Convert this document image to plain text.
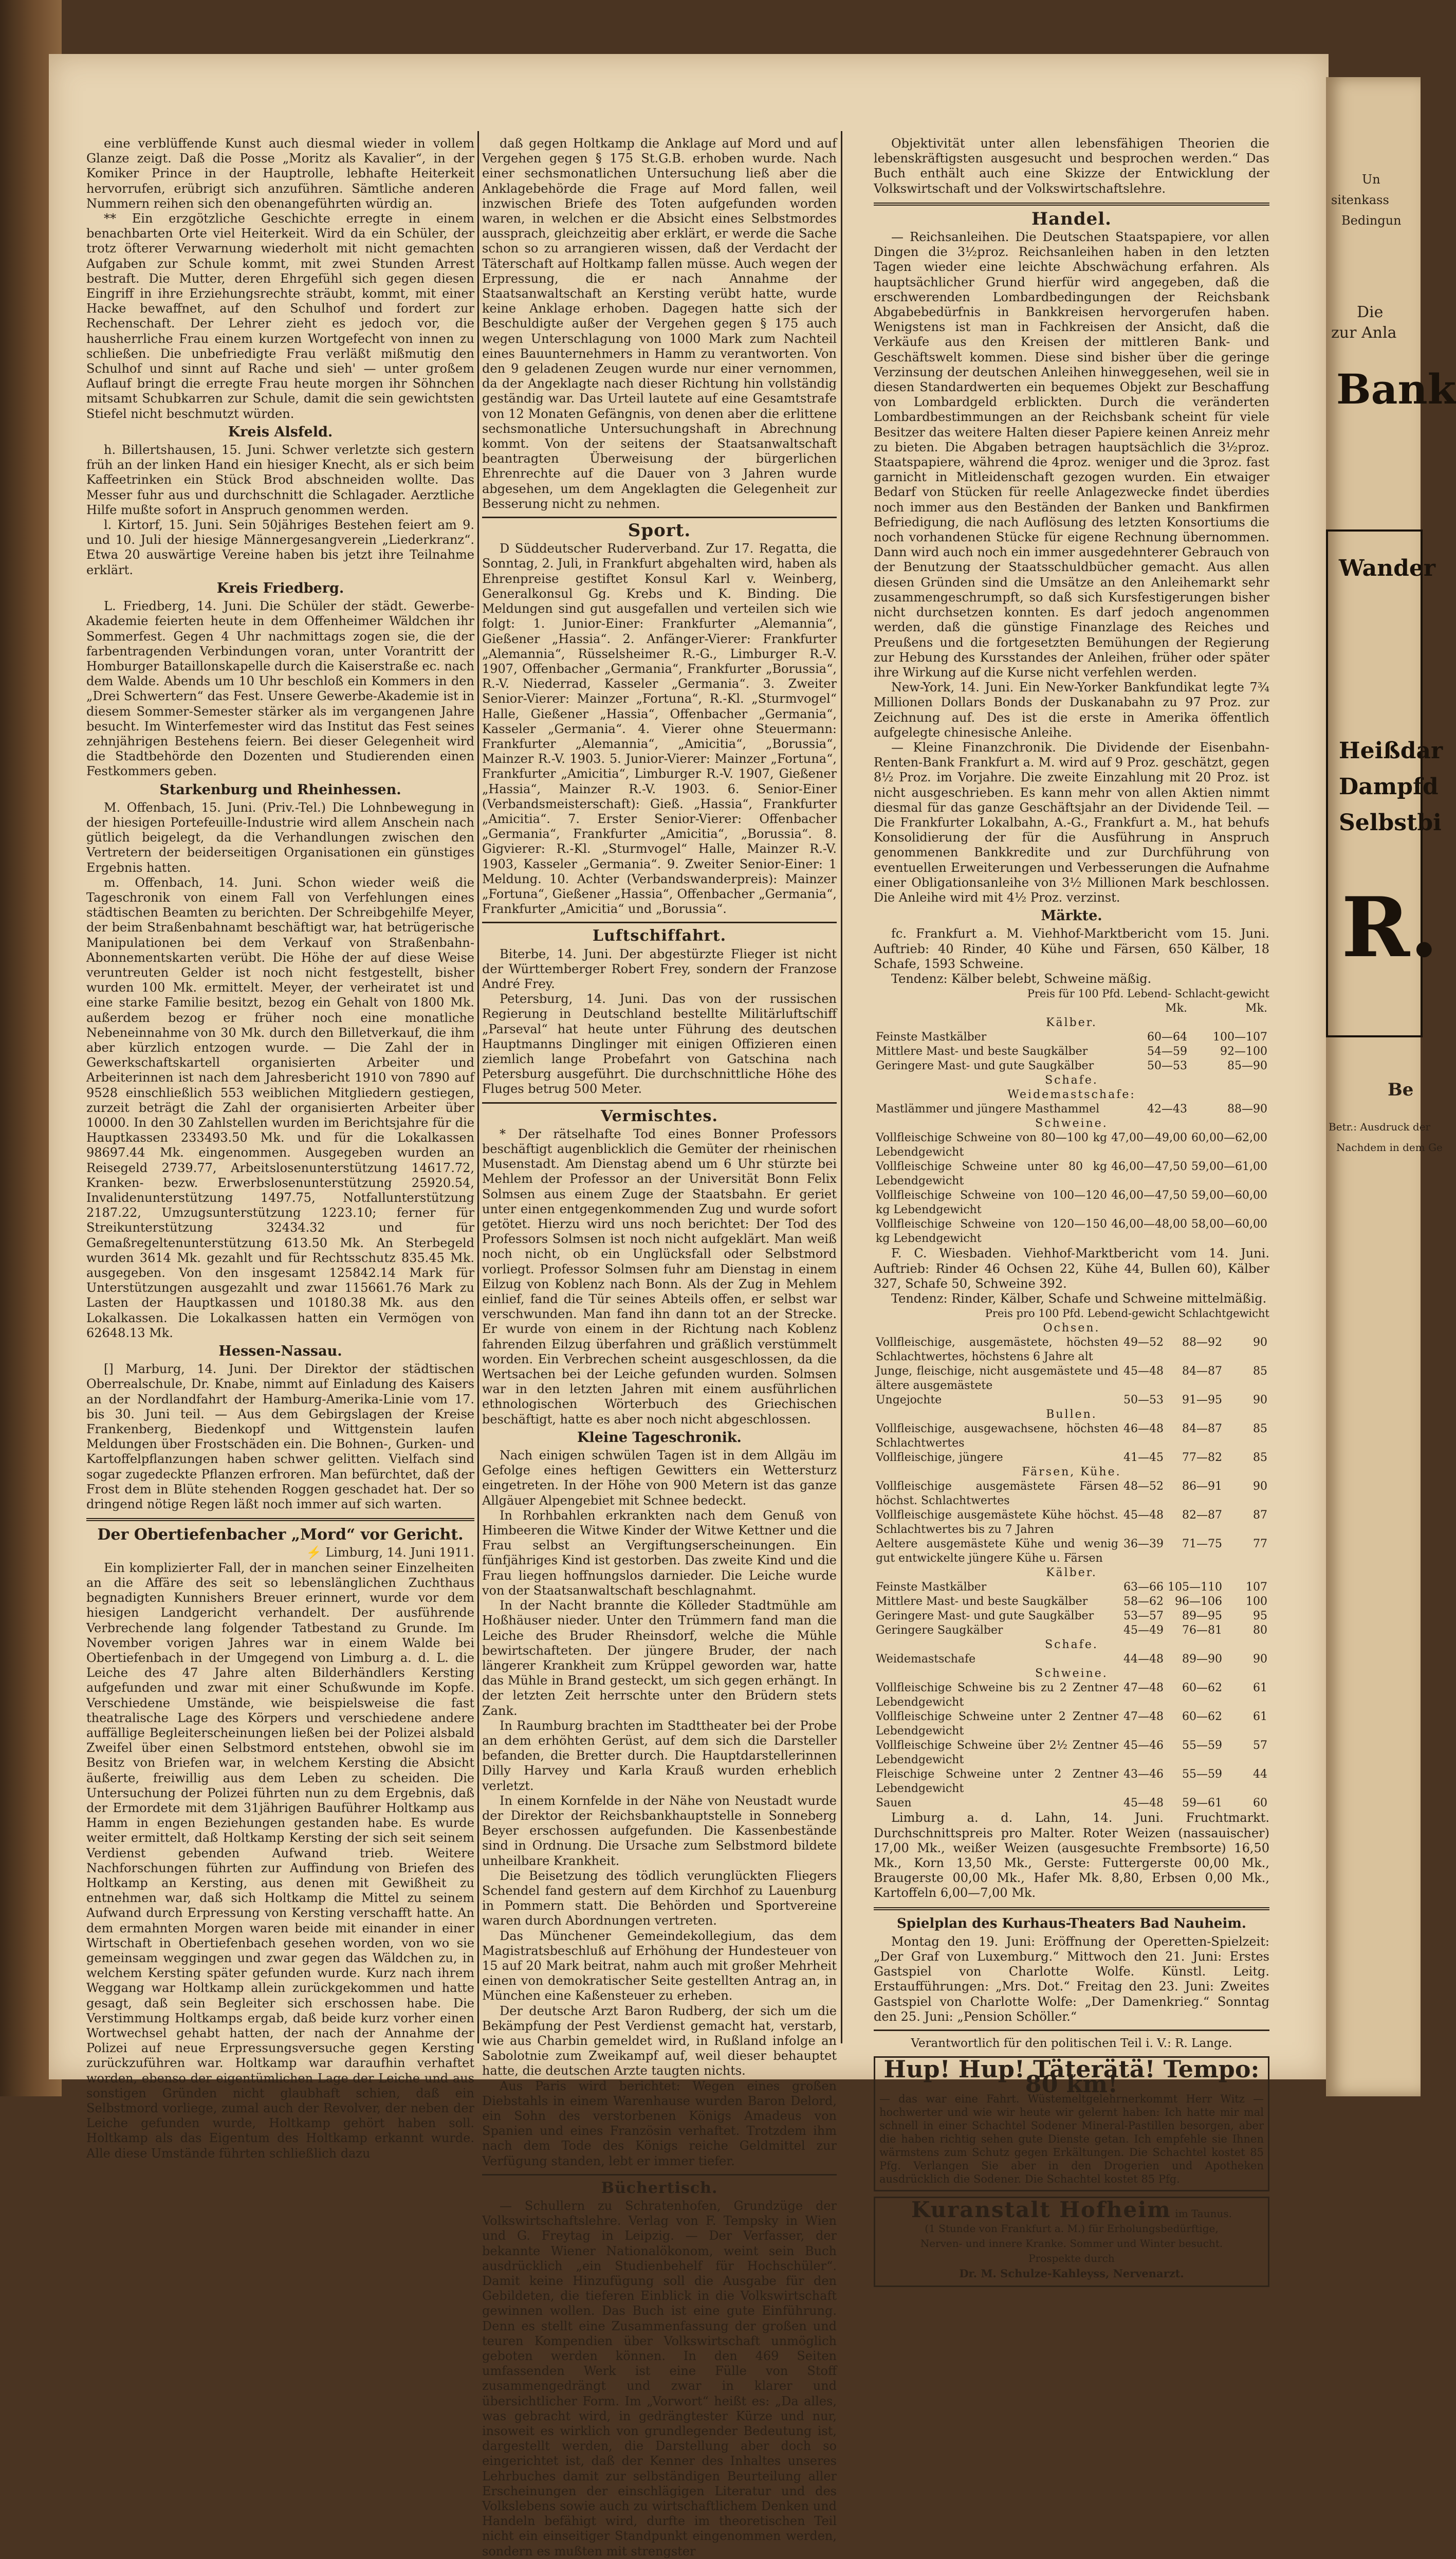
eine verblüffende Kunst auch diesmal wieder in vollem Glanze zeigt. Daß die Posse „Moritz als Kavalier“, in der Komiker Prince in der Hauptrolle, lebhafte Heiterkeit hervorrufen, erübrigt sich anzuführen. Sämtliche anderen Nummern reihen sich den obenangeführten würdig an.

** Ein erzgötzliche Geschichte erregte in einem benachbarten Orte viel Heiterkeit. Wird da ein Schüler, der trotz öfterer Verwarnung wiederholt mit nicht gemachten Aufgaben zur Schule kommt, mit zwei Stunden Arrest bestraft. Die Mutter, deren Ehrgefühl sich gegen diesen Eingriff in ihre Erziehungsrechte sträubt, kommt, mit einer Hacke bewaffnet, auf den Schulhof und fordert zur Rechenschaft. Der Lehrer zieht es jedoch vor, die hausherrliche Frau einem kurzen Wortgefecht von innen zu schließen. Die unbefriedigte Frau verläßt mißmutig den Schulhof und sinnt auf Rache und sieh' — unter großem Auflauf bringt die erregte Frau heute morgen ihr Söhnchen mitsamt Schubkarren zur Schule, damit die sein gewichtsten Stiefel nicht beschmutzt würden.

Kreis Alsfeld.

h. Billertshausen, 15. Juni. Schwer verletzte sich gestern früh an der linken Hand ein hiesiger Knecht, als er sich beim Kaffeetrinken ein Stück Brod abschneiden wollte. Das Messer fuhr aus und durchschnitt die Schlagader. Aerztliche Hilfe mußte sofort in Anspruch genommen werden.

l. Kirtorf, 15. Juni. Sein 50jähriges Bestehen feiert am 9. und 10. Juli der hiesige Männergesangverein „Liederkranz“. Etwa 20 auswärtige Vereine haben bis jetzt ihre Teilnahme erklärt.

Kreis Friedberg.

L. Friedberg, 14. Juni. Die Schüler der städt. Gewerbe-Akademie feierten heute in dem Offenheimer Wäldchen ihr Sommerfest. Gegen 4 Uhr nachmittags zogen sie, die der farbentragenden Verbindungen voran, unter Vorantritt der Homburger Bataillonskapelle durch die Kaiserstraße ec. nach dem Walde. Abends um 10 Uhr beschloß ein Kommers in den „Drei Schwertern“ das Fest. Unsere Gewerbe-Akademie ist in diesem Sommer-Semester stärker als im vergangenen Jahre besucht. Im Winterfemester wird das Institut das Fest seines zehnjährigen Bestehens feiern. Bei dieser Gelegenheit wird die Stadtbehörde den Dozenten und Studierenden einen Festkommers geben.

Starkenburg und Rheinhessen.

M. Offenbach, 15. Juni. (Priv.-Tel.) Die Lohnbewegung in der hiesigen Portefeuille-Industrie wird allem Anschein nach gütlich beigelegt, da die Verhandlungen zwischen den Vertretern der beiderseitigen Organisationen ein günstiges Ergebnis hatten.

m. Offenbach, 14. Juni. Schon wieder weiß die Tageschronik von einem Fall von Verfehlungen eines städtischen Beamten zu berichten. Der Schreibgehilfe Meyer, der beim Straßenbahnamt beschäftigt war, hat betrügerische Manipulationen bei dem Verkauf von Straßenbahn-Abonnementskarten verübt. Die Höhe der auf diese Weise veruntreuten Gelder ist noch nicht festgestellt, bisher wurden 100 Mk. ermittelt. Meyer, der verheiratet ist und eine starke Familie besitzt, bezog ein Gehalt von 1800 Mk. außerdem bezog er früher noch eine monatliche Nebeneinnahme von 30 Mk. durch den Billetverkauf, die ihm aber kürzlich entzogen wurde. — Die Zahl der in Gewerkschaftskartell organisierten Arbeiter und Arbeiterinnen ist nach dem Jahresbericht 1910 von 7890 auf 9528 einschließlich 553 weiblichen Mitgliedern gestiegen, zurzeit beträgt die Zahl der organisierten Arbeiter über 10000. In den 30 Zahlstellen wurden im Berichtsjahre für die Hauptkassen 233493.50 Mk. und für die Lokalkassen 98697.44 Mk. eingenommen. Ausgegeben wurden an Reisegeld 2739.77, Arbeitslosenunterstützung 14617.72, Kranken- bezw. Erwerbslosenunterstützung 25920.54, Invalidenunterstützung 1497.75, Notfallunterstützung 2187.22, Umzugsunterstützung 1223.10; ferner für Streikunterstützung 32434.32 und für Gemaßregeltenunterstützung 613.50 Mk. An Sterbegeld wurden 3614 Mk. gezahlt und für Rechtsschutz 835.45 Mk. ausgegeben. Von den insgesamt 125842.14 Mark für Unterstützungen ausgezahlt und zwar 115661.76 Mark zu Lasten der Hauptkassen und 10180.38 Mk. aus den Lokalkassen. Die Lokalkassen hatten ein Vermögen von 62648.13 Mk.

Hessen-Nassau.

[] Marburg, 14. Juni. Der Direktor der städtischen Oberrealschule, Dr. Knabe, nimmt auf Einladung des Kaisers an der Nordlandfahrt der Hamburg-Amerika-Linie vom 17. bis 30. Juni teil. — Aus dem Gebirgslagen der Kreise Frankenberg, Biedenkopf und Wittgenstein laufen Meldungen über Frostschäden ein. Die Bohnen-, Gurken- und Kartoffelpflanzungen haben schwer gelitten. Vielfach sind sogar zugedeckte Pflanzen erfroren. Man befürchtet, daß der Frost dem in Blüte stehenden Roggen geschadet hat. Der so dringend nötige Regen läßt noch immer auf sich warten.

Der Obertiefenbacher „Mord“ vor Gericht.
⚡ Limburg, 14. Juni 1911.

Ein komplizierter Fall, der in manchen seiner Einzelheiten an die Affäre des seit so lebenslänglichen Zuchthaus begnadigten Kunnishers Breuer erinnert, wurde vor dem hiesigen Landgericht verhandelt. Der ausführende Verbrechende lang folgender Tatbestand zu Grunde. Im November vorigen Jahres war in einem Walde bei Obertiefenbach in der Umgegend von Limburg a. d. L. die Leiche des 47 Jahre alten Bilderhändlers Kersting aufgefunden und zwar mit einer Schußwunde im Kopfe. Verschiedene Umstände, wie beispielsweise die fast theatralische Lage des Körpers und verschiedene andere auffällige Begleiterscheinungen ließen bei der Polizei alsbald Zweifel über einen Selbstmord entstehen, obwohl sie im Besitz von Briefen war, in welchem Kersting die Absicht äußerte, freiwillig aus dem Leben zu scheiden. Die Untersuchung der Polizei führten nun zu dem Ergebnis, daß der Ermordete mit dem 31jährigen Bauführer Holtkamp aus Hamm in engen Beziehungen gestanden habe. Es wurde weiter ermittelt, daß Holtkamp Kersting der sich seit seinem Verdienst gebenden Aufwand trieb. Weitere Nachforschungen führten zur Auffindung von Briefen des Holtkamp an Kersting, aus denen mit Gewißheit zu entnehmen war, daß sich Holtkamp die Mittel zu seinem Aufwand durch Erpressung von Kersting verschafft hatte. An dem ermahnten Morgen waren beide mit einander in einer Wirtschaft in Obertiefenbach gesehen worden, von wo sie gemeinsam weggingen und zwar gegen das Wäldchen zu, in welchem Kersting später gefunden wurde. Kurz nach ihrem Weggang war Holtkamp allein zurückgekommen und hatte gesagt, daß sein Begleiter sich erschossen habe. Die Verstimmung Holtkamps ergab, daß beide kurz vorher einen Wortwechsel gehabt hatten, der nach der Annahme der Polizei auf neue Erpressungsversuche gegen Kersting zurückzuführen war. Holtkamp war daraufhin verhaftet worden, ebenso der eigentümlichen Lage der Leiche und aus sonstigen Gründen nicht glaubhaft schien, daß ein Selbstmord vorliege, zumal auch der Revolver, der neben der Leiche gefunden wurde, Holtkamp gehört haben soll. Holtkamp als das Eigentum des Holtkamp erkannt wurde. Alle diese Umstände führten schließlich dazu

daß gegen Holtkamp die Anklage auf Mord und auf Vergehen gegen § 175 St.G.B. erhoben wurde. Nach einer sechsmonatlichen Untersuchung ließ aber die Anklagebehörde die Frage auf Mord fallen, weil inzwischen Briefe des Toten aufgefunden worden waren, in welchen er die Absicht eines Selbstmordes aussprach, gleichzeitig aber erklärt, er werde die Sache schon so zu arrangieren wissen, daß der Verdacht der Täterschaft auf Holtkamp fallen müsse. Auch wegen der Erpressung, die er nach Annahme der Staatsanwaltschaft an Kersting verübt hatte, wurde keine Anklage erhoben. Dagegen hatte sich der Beschuldigte außer der Vergehen gegen § 175 auch wegen Unterschlagung von 1000 Mark zum Nachteil eines Bauunternehmers in Hamm zu verantworten. Von den 9 geladenen Zeugen wurde nur einer vernommen, da der Angeklagte nach dieser Richtung hin vollständig geständig war. Das Urteil lautete auf eine Gesamtstrafe von 12 Monaten Gefängnis, von denen aber die erlittene sechsmonatliche Untersuchungshaft in Abrechnung kommt. Von der seitens der Staatsanwaltschaft beantragten Überweisung der bürgerlichen Ehrenrechte auf die Dauer von 3 Jahren wurde abgesehen, um dem Angeklagten die Gelegenheit zur Besserung nicht zu nehmen.

Sport.

D Süddeutscher Ruderverband. Zur 17. Regatta, die Sonntag, 2. Juli, in Frankfurt abgehalten wird, haben als Ehrenpreise gestiftet Konsul Karl v. Weinberg, Generalkonsul Gg. Krebs und K. Binding. Die Meldungen sind gut ausgefallen und verteilen sich wie folgt: 1. Junior-Einer: Frankfurter „Alemannia“, Gießener „Hassia“. 2. Anfänger-Vierer: Frankfurter „Alemannia“, Rüsselsheimer R.-G., Limburger R.-V. 1907, Offenbacher „Germania“, Frankfurter „Borussia“, R.-V. Niederrad, Kasseler „Germania“. 3. Zweiter Senior-Vierer: Mainzer „Fortuna“, R.-Kl. „Sturmvogel“ Halle, Gießener „Hassia“, Offenbacher „Germania“, Kasseler „Germania“. 4. Vierer ohne Steuermann: Frankfurter „Alemannia“, „Amicitia“, „Borussia“, Mainzer R.-V. 1903. 5. Junior-Vierer: Mainzer „Fortuna“, Frankfurter „Amicitia“, Limburger R.-V. 1907, Gießener „Hassia“, Mainzer R.-V. 1903. 6. Senior-Einer (Verbandsmeisterschaft): Gieß. „Hassia“, Frankfurter „Amicitia“. 7. Erster Senior-Vierer: Offenbacher „Germania“, Frankfurter „Amicitia“, „Borussia“. 8. Gigvierer: R.-Kl. „Sturmvogel“ Halle, Mainzer R.-V. 1903, Kasseler „Germania“. 9. Zweiter Senior-Einer: 1 Meldung. 10. Achter (Verbandswanderpreis): Mainzer „Fortuna“, Gießener „Hassia“, Offenbacher „Germania“, Frankfurter „Amicitia“ und „Borussia“.

Luftschiffahrt.

Biterbe, 14. Juni. Der abgestürzte Flieger ist nicht der Württemberger Robert Frey, sondern der Franzose André Frey.

Petersburg, 14. Juni. Das von der russischen Regierung in Deutschland bestellte Militärluftschiff „Parseval“ hat heute unter Führung des deutschen Hauptmanns Dinglinger mit einigen Offizieren einen ziemlich lange Probefahrt von Gatschina nach Petersburg ausgeführt. Die durchschnittliche Höhe des Fluges betrug 500 Meter.

Vermischtes.

* Der rätselhafte Tod eines Bonner Professors beschäftigt augenblicklich die Gemüter der rheinischen Musenstadt. Am Dienstag abend um 6 Uhr stürzte bei Mehlem der Professor an der Universität Bonn Felix Solmsen aus einem Zuge der Staatsbahn. Er geriet unter einen entgegenkommenden Zug und wurde sofort getötet. Hierzu wird uns noch berichtet: Der Tod des Professors Solmsen ist noch nicht aufgeklärt. Man weiß noch nicht, ob ein Unglücksfall oder Selbstmord vorliegt. Professor Solmsen fuhr am Dienstag in einem Eilzug von Koblenz nach Bonn. Als der Zug in Mehlem einlief, fand die Tür seines Abteils offen, er selbst war verschwunden. Man fand ihn dann tot an der Strecke. Er wurde von einem in der Richtung nach Koblenz fahrenden Eilzug überfahren und gräßlich verstümmelt worden. Ein Verbrechen scheint ausgeschlossen, da die Wertsachen bei der Leiche gefunden wurden. Solmsen war in den letzten Jahren mit einem ausführlichen ethnologischen Wörterbuch des Griechischen beschäftigt, hatte es aber noch nicht abgeschlossen.

Kleine Tageschronik.

Nach einigen schwülen Tagen ist in dem Allgäu im Gefolge eines heftigen Gewitters ein Wettersturz eingetreten. In der Höhe von 900 Metern ist das ganze Allgäuer Alpengebiet mit Schnee bedeckt.

In Rorhbahlen erkrankten nach dem Genuß von Himbeeren die Witwe Kinder der Witwe Kettner und die Frau selbst an Vergiftungserscheinungen. Ein fünfjähriges Kind ist gestorben. Das zweite Kind und die Frau liegen hoffnungslos darnieder. Die Leiche wurde von der Staatsanwaltschaft beschlagnahmt.

In der Nacht brannte die Kölleder Stadtmühle am Hoßhäuser nieder. Unter den Trümmern fand man die Leiche des Bruder Rheinsdorf, welche die Mühle bewirtschafteten. Der jüngere Bruder, der nach längerer Krankheit zum Krüppel geworden war, hatte das Mühle in Brand gesteckt, um sich gegen erhängt. In der letzten Zeit herrschte unter den Brüdern stets Zank.

In Raumburg brachten im Stadttheater bei der Probe an dem erhöhten Gerüst, auf dem sich die Darsteller befanden, die Bretter durch. Die Hauptdarstellerinnen Dilly Harvey und Karla Krauß wurden erheblich verletzt.

In einem Kornfelde in der Nähe von Neustadt wurde der Direktor der Reichsbankhauptstelle in Sonneberg Beyer erschossen aufgefunden. Die Kassenbestände sind in Ordnung. Die Ursache zum Selbstmord bildete unheilbare Krankheit.

Die Beisetzung des tödlich verunglückten Fliegers Schendel fand gestern auf dem Kirchhof zu Lauenburg in Pommern statt. Die Behörden und Sportvereine waren durch Abordnungen vertreten.

Das Münchener Gemeindekollegium, das dem Magistratsbeschluß auf Erhöhung der Hundesteuer von 15 auf 20 Mark beitrat, nahm auch mit großer Mehrheit einen von demokratischer Seite gestellten Antrag an, in München eine Kaßensteuer zu erheben.

Der deutsche Arzt Baron Rudberg, der sich um die Bekämpfung der Pest Verdienst gemacht hat, verstarb, wie aus Charbin gemeldet wird, in Rußland infolge an Sabolotnie zum Zweikampf auf, weil dieser behauptet hatte, die deutschen Arzte taugten nichts.

Aus Paris wird berichtet: Wegen eines großen Diebstahls in einem Warenhause wurden Baron Delord, ein Sohn des verstorbenen Königs Amadeus von Spanien und eines Französin verhaftet. Trotzdem ihm nach dem Tode des Königs reiche Geldmittel zur Verfügung standen, lebt er immer tiefer.

Büchertisch.

— Schullern zu Schratenhofen, Grundzüge der Volkswirtschaftslehre. Verlag von F. Tempsky in Wien und G. Freytag in Leipzig. — Der Verfasser, der bekannte Wiener Nationalökonom, weint sein Buch ausdrücklich „ein Studienbehelf für Hochschüler“. Damit keine Hinzufügung soll die Ausgabe für den Gebildeten, die tieferen Einblick in die Volkswirtschaft gewinnen wollen. Das Buch ist eine gute Einführung. Denn es stellt eine Zusammenfassung der großen und teuren Kompendien über Volkswirtschaft unmöglich geboten werden können. In den 469 Seiten umfassenden Werk ist eine Fülle von Stoff zusammengedrängt und zwar in klarer und übersichtlicher Form. Im „Vorwort“ heißt es: „Da alles, was gebracht wird, in gedrängtester Kürze und nur, insoweit es wirklich von grundlegender Bedeutung ist, dargestellt werden, die Darstellung aber doch so eingerichtet ist, daß der Kenner des Inhaltes unseres Lehrbuches damit zur selbständigen Beurteilung aller Erscheinungen der einschlägigen Literatur und des Volkslebens sowie auch zu wirtschaftlichem Denken und Handeln befähigt wird, durfte im theoretischen Teil nicht ein einseitiger Standpunkt eingenommen werden, sondern es mußten mit strengster

Objektivität unter allen lebensfähigen Theorien die lebenskräftigsten ausgesucht und besprochen werden.“ Das Buch enthält auch eine Skizze der Entwicklung der Volkswirtschaft und der Volkswirtschaftslehre.

Handel.

— Reichsanleihen. Die Deutschen Staatspapiere, vor allen Dingen die 3½proz. Reichsanleihen haben in den letzten Tagen wieder eine leichte Abschwächung erfahren. Als hauptsächlicher Grund hierfür wird angegeben, daß die erschwerenden Lombardbedingungen der Reichsbank Abgabebedürfnis in Bankkreisen hervorgerufen haben. Wenigstens ist man in Fachkreisen der Ansicht, daß die Verkäufe aus den Kreisen der mittleren Bank- und Geschäftswelt kommen. Diese sind bisher über die geringe Verzinsung der deutschen Anleihen hinweggesehen, weil sie in diesen Standardwerten ein bequemes Objekt zur Beschaffung von Lombardgeld erblickten. Durch die veränderten Lombardbestimmungen an der Reichsbank scheint für viele Besitzer das weitere Halten dieser Papiere keinen Anreiz mehr zu bieten. Die Abgaben betragen hauptsächlich die 3½proz. Staatspapiere, während die 4proz. weniger und die 3proz. fast garnicht in Mitleidenschaft gezogen wurden. Ein etwaiger Bedarf von Stücken für reelle Anlagezwecke findet überdies noch immer aus den Beständen der Banken und Bankfirmen Befriedigung, die nach Auflösung des letzten Konsortiums die noch vorhandenen Stücke für eigene Rechnung übernommen. Dann wird auch noch ein immer ausgedehnterer Gebrauch von der Benutzung der Staatsschuldbücher gemacht. Aus allen diesen Gründen sind die Umsätze an den Anleihemarkt sehr zusammengeschrumpft, so daß sich Kursfestigerungen bisher nicht durchsetzen konnten. Es darf jedoch angenommen werden, daß die günstige Finanzlage des Reiches und Preußens und die fortgesetzten Bemühungen der Regierung zur Hebung des Kursstandes der Anleihen, früher oder später ihre Wirkung auf die Kurse nicht verfehlen werden.

New-York, 14. Juni. Ein New-Yorker Bankfundikat legte 7¾ Millionen Dollars Bonds der Duskanabahn zu 97 Proz. zur Zeichnung auf. Des ist die erste in Amerika öffentlich aufgelegte chinesische Anleihe.

— Kleine Finanzchronik. Die Dividende der Eisenbahn-Renten-Bank Frankfurt a. M. wird auf 9 Proz. geschätzt, gegen 8½ Proz. im Vorjahre. Die zweite Einzahlung mit 20 Proz. ist nicht ausgeschrieben. Es kann mehr von allen Aktien nimmt diesmal für das ganze Geschäftsjahr an der Dividende Teil. — Die Frankfurter Lokalbahn, A.-G., Frankfurt a. M., hat behufs Konsolidierung der für die Ausführung in Anspruch genommenen Bankkredite und zur Durchführung von eventuellen Erweiterungen und Verbesserungen die Aufnahme einer Obligationsanleihe von 3½ Millionen Mark beschlossen. Die Anleihe wird mit 4½ Proz. verzinst.

Märkte.

fc. Frankfurt a. M. Viehhof-Marktbericht vom 15. Juni. Auftrieb: 40 Rinder, 40 Kühe und Färsen, 650 Kälber, 18 Schafe, 1593 Schweine.

Tendenz: Kälber belebt, Schweine mäßig.

Preis für 100 Pfd. Lebend- Schlacht-gewicht
	Mk.	Mk.
Kälber.		
Feinste Mastkälber	60—64	100—107
Mittlere Mast- und beste Saugkälber	54—59	92—100
Geringere Mast- und gute Saugkälber	50—53	85—90
Schafe.		
Weidemastschafe:		
Mastlämmer und jüngere Masthammel	42—43	88—90
Schweine.		
Vollfleischige Schweine von 80—100 kg Lebendgewicht	47,00—49,00	60,00—62,00
Vollfleischige Schweine unter 80 kg Lebendgewicht	46,00—47,50	59,00—61,00
Vollfleischige Schweine von 100—120 kg Lebendgewicht	46,00—47,50	59,00—60,00
Vollfleischige Schweine von 120—150 kg Lebendgewicht	46,00—48,00	58,00—60,00

F. C. Wiesbaden. Viehhof-Marktbericht vom 14. Juni. Auftrieb: Rinder 46 Ochsen 22, Kühe 44, Bullen 60), Kälber 327, Schafe 50, Schweine 392.

Tendenz: Rinder, Kälber, Schafe und Schweine mittelmäßig.

Preis pro 100 Pfd. Lebend-gewicht Schlachtgewicht
Ochsen.			
Vollfleischige, ausgemästete, höchsten Schlachtwertes, höchstens 6 Jahre alt	49—52	88—92	90
Junge, fleischige, nicht ausgemästete und ältere ausgemästete	45—48	84—87	85
Ungejochte	50—53	91—95	90
Bullen.			
Vollfleischige, ausgewachsene, höchsten Schlachtwertes	46—48	84—87	85
Vollfleischige, jüngere	41—45	77—82	85
Färsen, Kühe.			
Vollfleischige ausgemästete Färsen höchst. Schlachtwertes	48—52	86—91	90
Vollfleischige ausgemästete Kühe höchst. Schlachtwertes bis zu 7 Jahren	45—48	82—87	87
Aeltere ausgemästete Kühe und wenig gut entwickelte jüngere Kühe u. Färsen	36—39	71—75	77
Kälber.			
Feinste Mastkälber	63—66	105—110	107
Mittlere Mast- und beste Saugkälber	58—62	96—106	100
Geringere Mast- und gute Saugkälber	53—57	89—95	95
Geringere Saugkälber	45—49	76—81	80
Schafe.			
Weidemastschafe	44—48	89—90	90
Schweine.			
Vollfleischige Schweine bis zu 2 Zentner Lebendgewicht	47—48	60—62	61
Vollfleischige Schweine unter 2 Zentner Lebendgewicht	47—48	60—62	61
Vollfleischige Schweine über 2½ Zentner Lebendgewicht	45—46	55—59	57
Fleischige Schweine unter 2 Zentner Lebendgewicht	43—46	55—59	44
Sauen	45—48	59—61	60

Limburg a. d. Lahn, 14. Juni. Fruchtmarkt. Durchschnittspreis pro Malter. Roter Weizen (nassauischer) 17,00 Mk., weißer Weizen (ausgesuchte Frembsorte) 16,50 Mk., Korn 13,50 Mk., Gerste: Futtergerste 00,00 Mk., Braugerste 00,00 Mk., Hafer Mk. 8,80, Erbsen 0,00 Mk., Kartoffeln 6,00—7,00 Mk.

Spielplan des Kurhaus-Theaters Bad Nauheim.

Montag den 19. Juni: Eröffnung der Operetten-Spielzeit: „Der Graf von Luxemburg.“ Mittwoch den 21. Juni: Erstes Gastspiel von Charlotte Wolfe. Künstl. Leitg. Erstaufführungen: „Mrs. Dot.“ Freitag den 23. Juni: Zweites Gastspiel von Charlotte Wolfe: „Der Damenkrieg.“ Sonntag den 25. Juni: „Pension Schöller.“

Verantwortlich für den politischen Teil i. V.: R. Lange.
Hup! Hup! Täterätä! Tempo: 80 km!
— das war eine Fahrt. Wüstemeltgelehrnerkommt Herr Witz — hochwerter und wie wir heute wir gelernt haben: Ich hatte mir mal schnell in einer Schachtel Sodener Mineral-Pastillen besorgen, aber die haben richtig sehen gute Dienste getan. Ich empfehle sie Ihnen wärmstens zum Schutz gegen Erkältungen. Die Schachtel kostet 85 Pfg. Verlangen Sie aber in den Drogerien und Apotheken ausdrücklich die Sodener. Die Schachtel kostet 85 Pfg.
Kuranstalt Hofheim im Taunus.
(1 Stunde von Frankfurt a. M.) für Erholungsbedürftige,
Nerven- und innere Kranke. Sommer und Winter besucht.
Prospekte durch
Dr. M. Schulze-Kahleyss, Nervenarzt.
Un
sitenkass
Bedingun
Die
zur Anla
Bank
Wander
Heißdar
Dampfd
Selbstbi
R.
Be
Betr.: Ausdruck der
Nachdem in dem Ge
